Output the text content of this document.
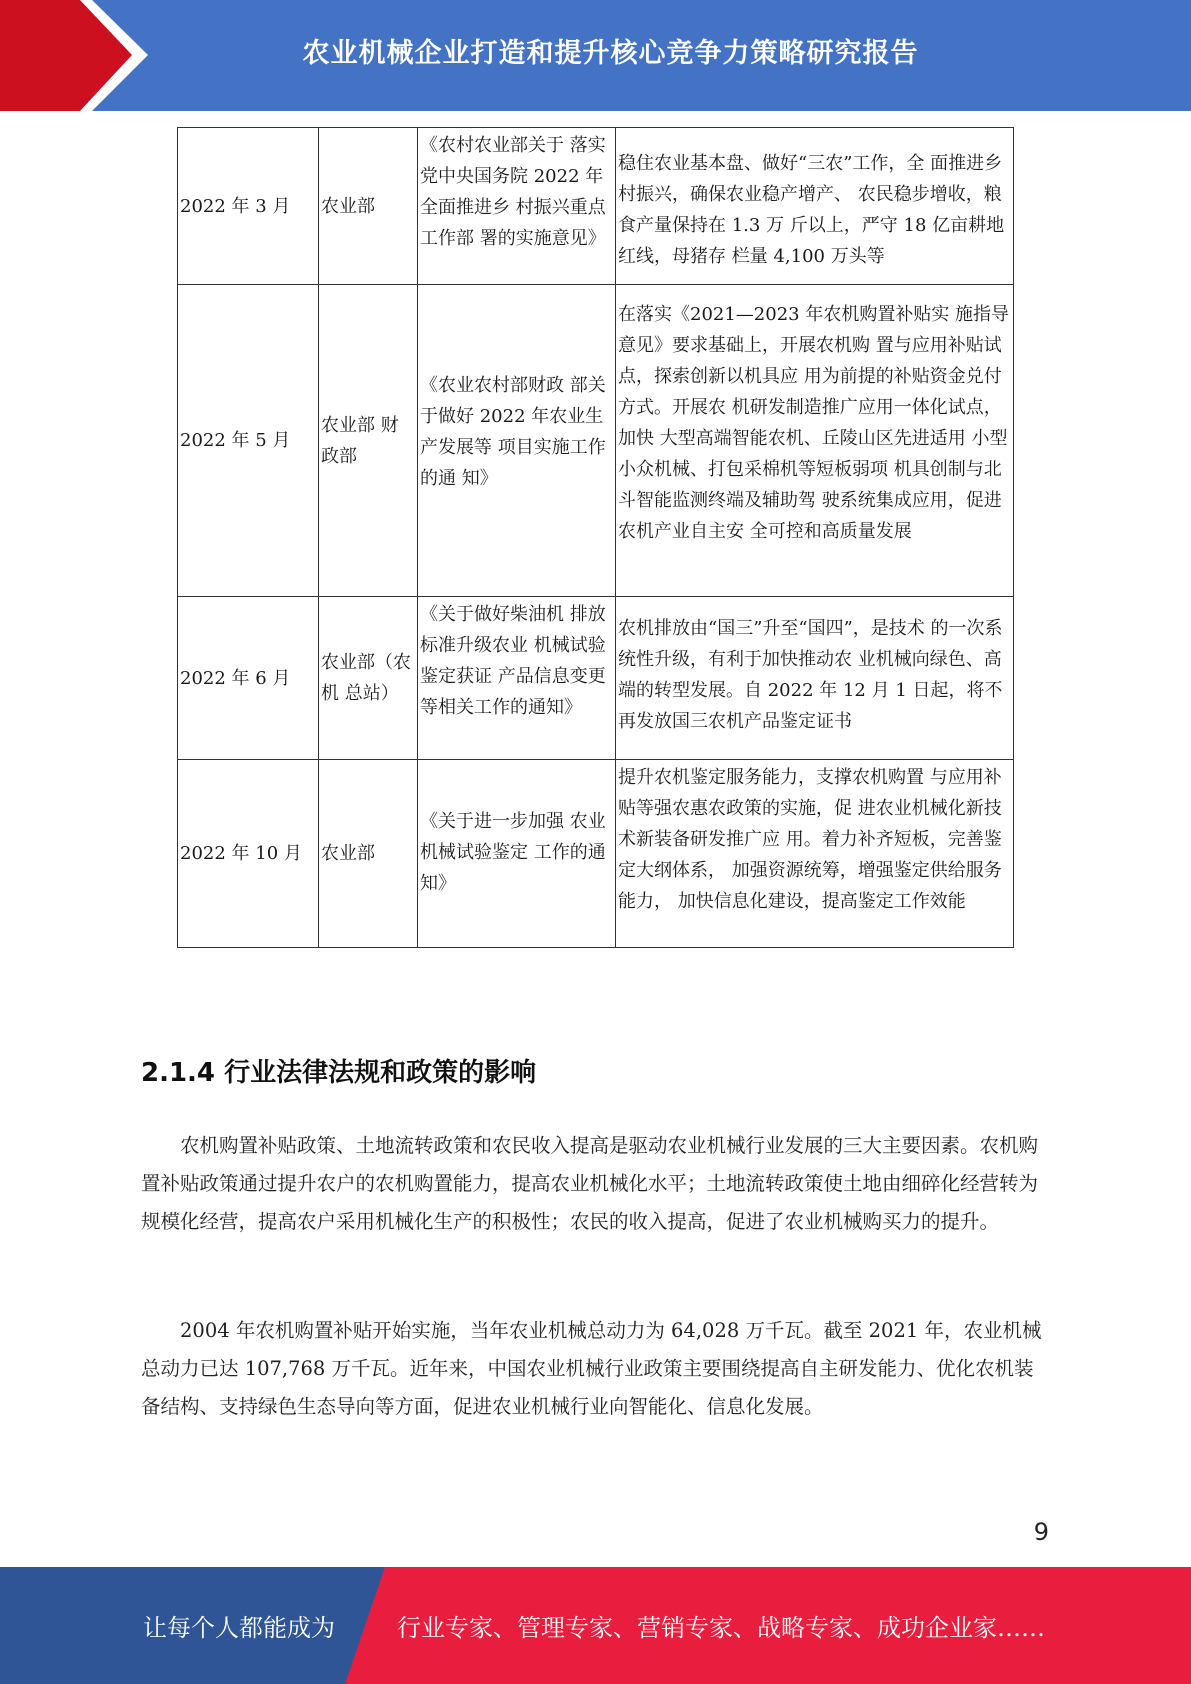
农业机械企业打造和提升核心竞争力策略研究报告
2022 年 3 月	农业部	《农村农业部关于 落实党中央国务院 2022 年全面推进乡 村振兴重点工作部 署的实施意见》	稳住农业基本盘、做好“三农”工作，全 面推进乡村振兴，确保农业稳产增产、 农民稳步增收，粮食产量保持在 1.3 万 斤以上，严守 18 亿亩耕地红线，母猪存 栏量 4,100 万头等
2022 年 5 月	农业部 财政部	《农业农村部财政 部关于做好 2022 年农业生产发展等 项目实施工作的通 知》	在落实《2021—2023 年农机购置补贴实 施指导意见》要求基础上，开展农机购 置与应用补贴试点，探索创新以机具应 用为前提的补贴资金兑付方式。开展农 机研发制造推广应用一体化试点，加快 大型高端智能农机、丘陵山区先进适用 小型小众机械、打包采棉机等短板弱项 机具创制与北斗智能监测终端及辅助驾 驶系统集成应用，促进农机产业自主安 全可控和高质量发展
2022 年 6 月	农业部（农机 总站）	《关于做好柴油机 排放标准升级农业 机械试验鉴定获证 产品信息变更等相关工作的通知》	农机排放由“国三”升至“国四”，是技术 的一次系统性升级，有利于加快推动农 业机械向绿色、高端的转型发展。自 2022 年 12 月 1 日起，将不再发放国三农机产品鉴定证书
2022 年 10 月	农业部	《关于进一步加强 农业机械试验鉴定 工作的通知》	提升农机鉴定服务能力，支撑农机购置 与应用补贴等强农惠农政策的实施，促 进农业机械化新技术新装备研发推广应 用。着力补齐短板，完善鉴定大纲体系， 加强资源统筹，增强鉴定供给服务能力， 加快信息化建设，提高鉴定工作效能
2.1.4 行业法律法规和政策的影响

农机购置补贴政策、土地流转政策和农民收入提高是驱动农业机械行业发展的三大主要因素。农机购置补贴政策通过提升农户的农机购置能力，提高农业机械化水平；土地流转政策使土地由细碎化经营转为规模化经营，提高农户采用机械化生产的积极性；农民的收入提高，促进了农业机械购买力的提升。

2004 年农机购置补贴开始实施，当年农业机械总动力为 64,028 万千瓦。截至 2021 年，农业机械总动力已达 107,768 万千瓦。近年来，中国农业机械行业政策主要围绕提高自主研发能力、优化农机装备结构、支持绿色生态导向等方面，促进农业机械行业向智能化、信息化发展。

9
让每个人都能成为	行业专家、管理专家、营销专家、战略专家、成功企业家……
